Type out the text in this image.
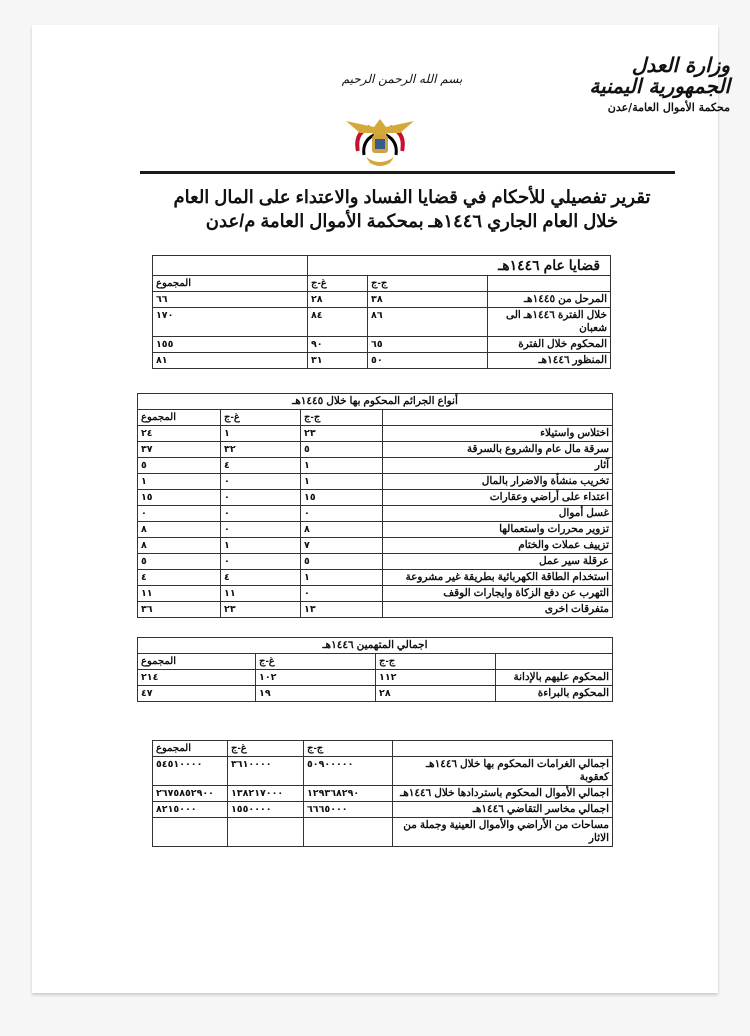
وزارة العدل
الجمهورية اليمنية
محكمة الأموال العامة/عدن
بسم الله الرحمن الرحيم
تقرير تفصيلي للأحكام في قضايا الفساد والاعتداء على المال العام
خلال العام الجاري ١٤٤٦هـ بمحكمة الأموال العامة م/عدن
قضايا عام ١٤٤٦هـ			
	ج-ج	غ-ج	المجموع
المرحل من ١٤٤٥هـ	٣٨	٢٨	٦٦
خلال الفترة ١٤٤٦هـ الى شعبان	٨٦	٨٤	١٧٠
المحكوم خلال الفترة	٦٥	٩٠	١٥٥
المنظور ١٤٤٦هـ	٥٠	٣١	٨١
أنواع الجرائم المحكوم بها خلال ١٤٤٥هـ			
	ج-ج	غ-ج	المجموع
اختلاس واستيلاء	٢٣	١	٢٤
سرقة مال عام والشروع بالسرقة	٥	٣٢	٣٧
آثار	١	٤	٥
تخريب منشأة والاضرار بالمال	١	٠	١
اعتداء على أراضي وعقارات	١٥	٠	١٥
غسل أموال	٠	٠	٠
تزوير محررات واستعمالها	٨	٠	٨
تزييف عملات والختام	٧	١	٨
عرقلة سير عمل	٥	٠	٥
استخدام الطاقة الكهربائية بطريقة غير مشروعة	١	٤	٤
التهرب عن دفع الزكاة وايجارات الوقف	٠	١١	١١
متفرقات اخرى	١٣	٢٣	٣٦
اجمالي المتهمين ١٤٤٦هـ			
	ج-ج	غ-ج	المجموع
المحكوم عليهم بالإدانة	١١٢	١٠٢	٢١٤
المحكوم بالبراءة	٢٨	١٩	٤٧
	ج-ج	غ-ج	المجموع
اجمالي الغرامات المحكوم بها خلال ١٤٤٦هـ كعقوبة	٥٠٩٠٠٠٠٠	٣٦١٠٠٠٠	٥٤٥١٠٠٠٠
اجمالي الأموال المحكوم باستردادها خلال ١٤٤٦هـ	١٢٩٣٦٨٢٩٠	١٣٨٢١٧٠٠٠	٢٦٧٥٨٥٢٩٠٠
اجمالي مخاسر التقاضي ١٤٤٦هـ	٦٦٦٥٠٠٠	١٥٥٠٠٠٠	٨٢١٥٠٠٠
مساحات من الأراضي والأموال العينية وجملة من الاثار			
